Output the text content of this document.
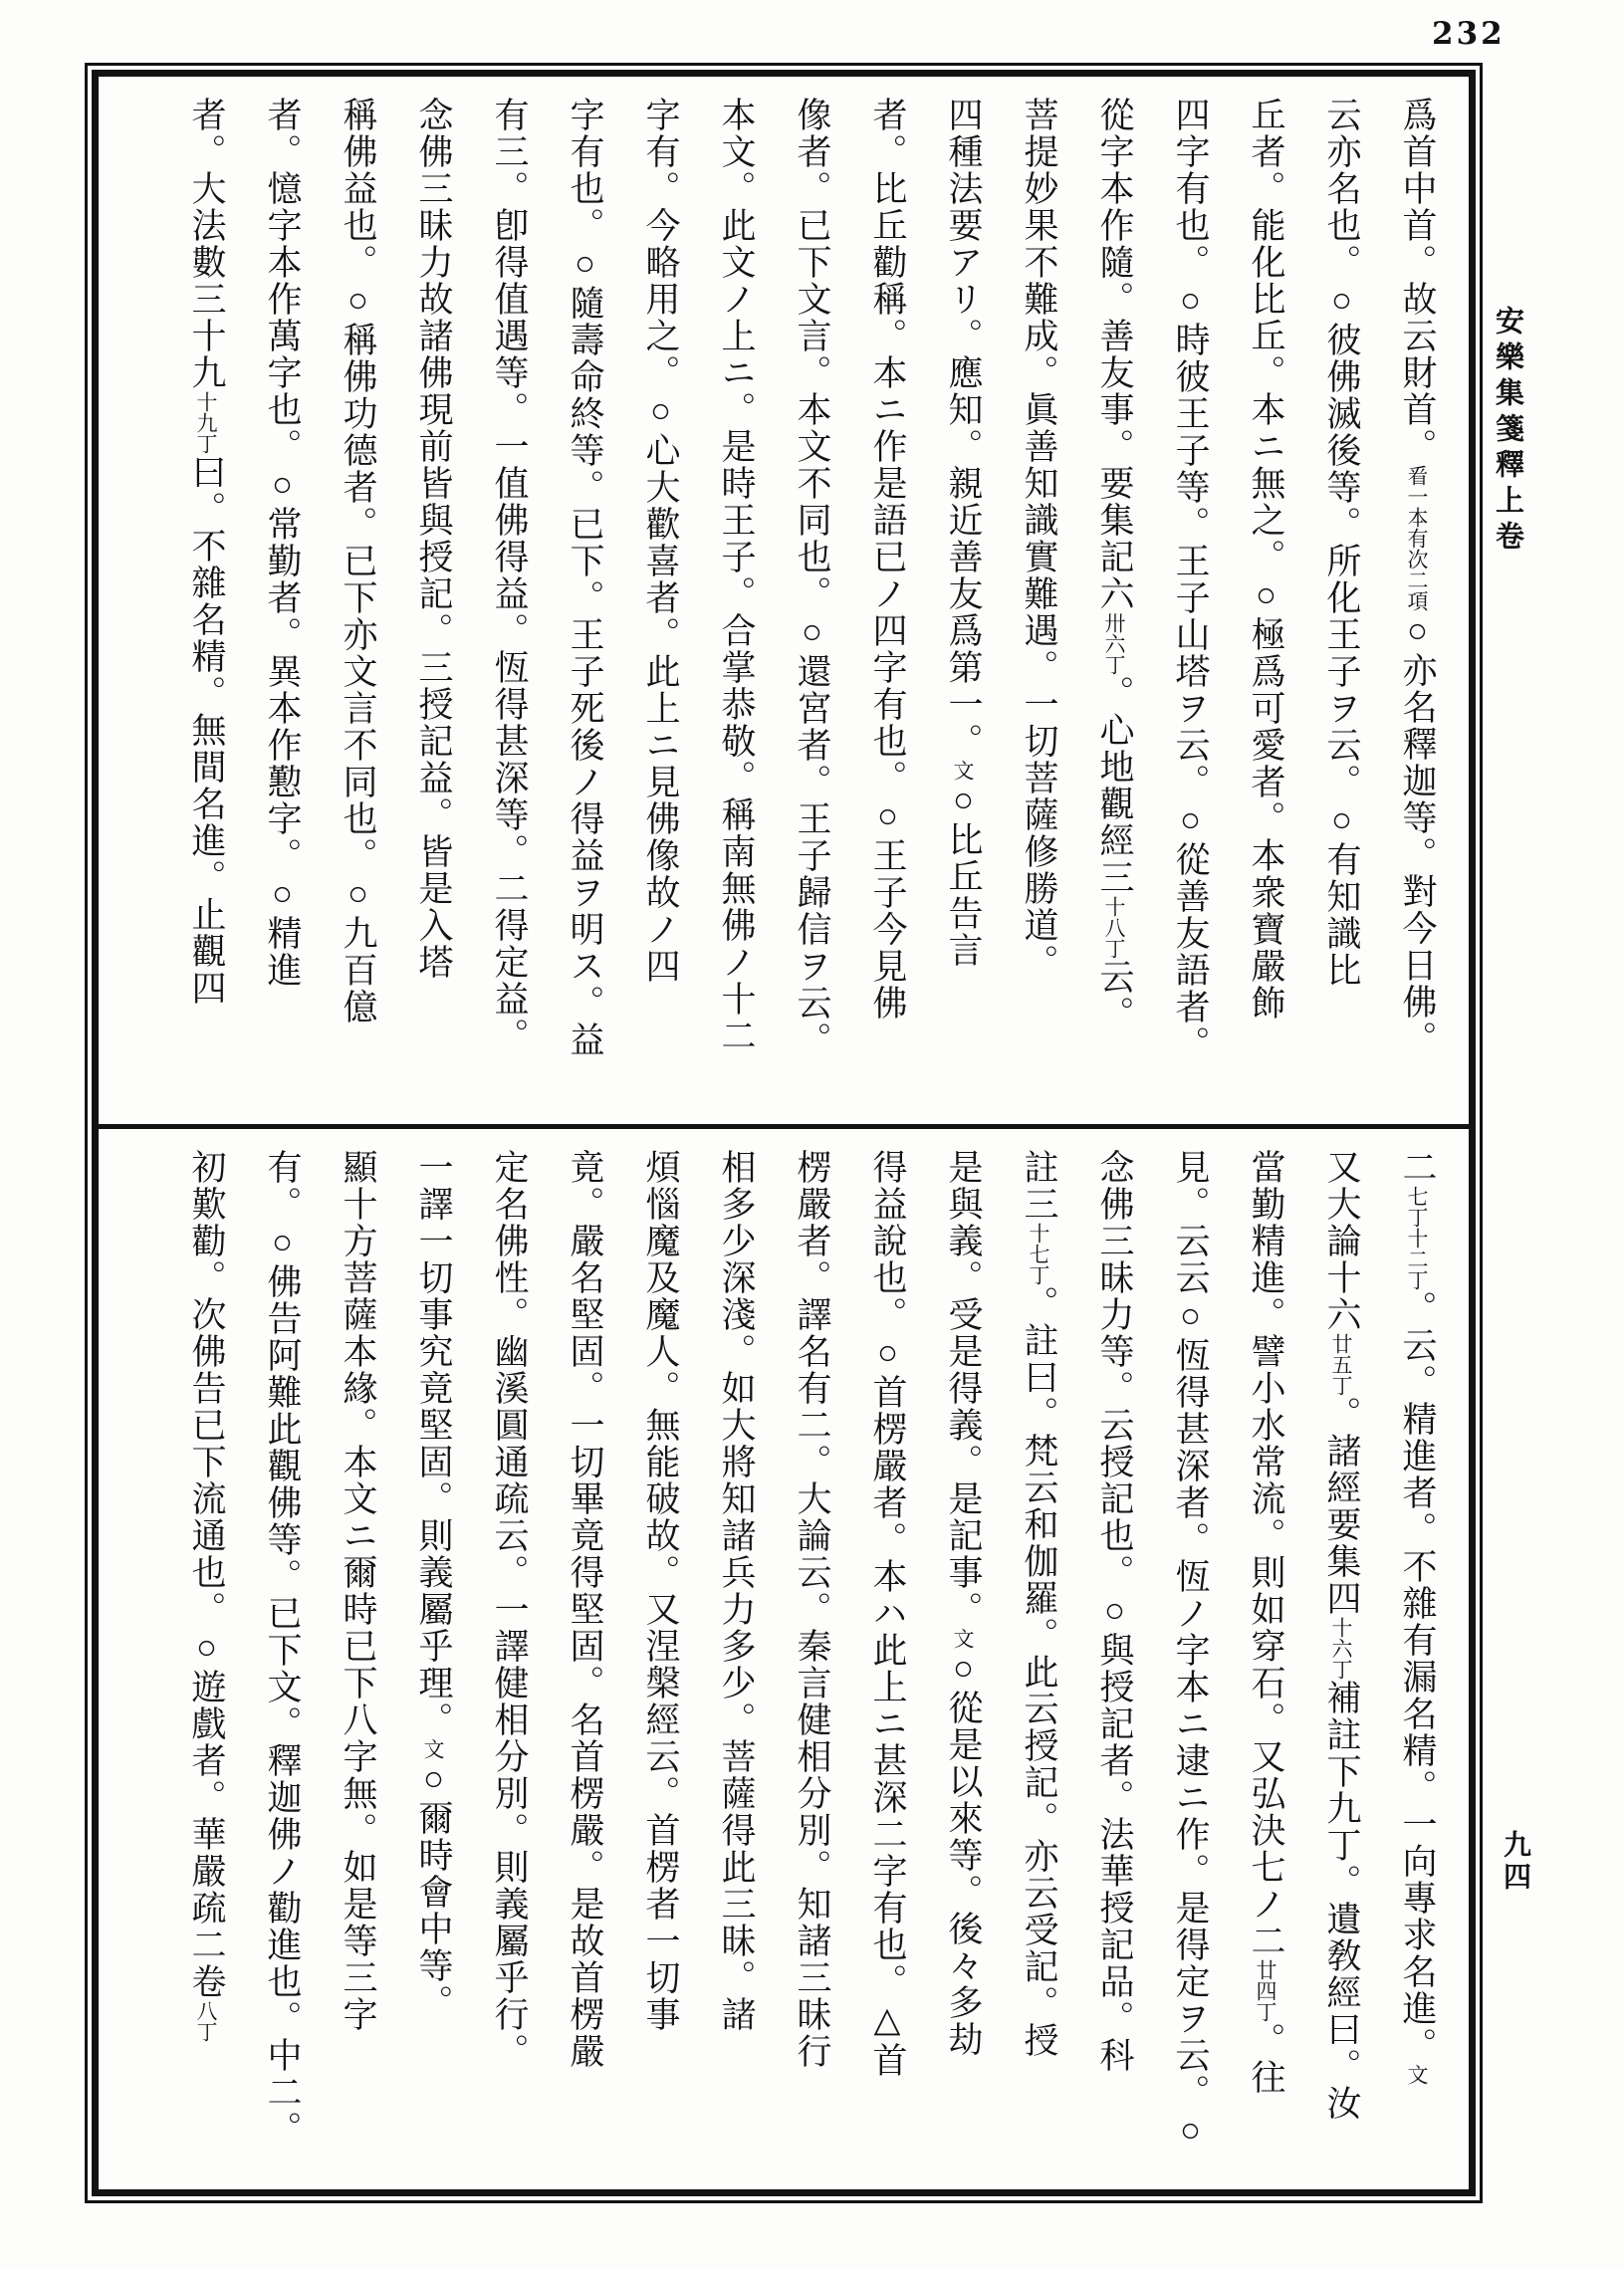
232
爲首中首。故云財首。㸔一本有次二項○亦名釋迦等。對今日佛。
云亦名也。○彼佛滅後等。所化王子ヲ云。○有知識比
丘者。能化比丘。本ニ無之。○極爲可愛者。本衆寶嚴飾
四字有也。○時彼王子等。王子山塔ヲ云。○從善友語者。
從字本作隨。善友事。要集記六卅六丁。心地觀經三十八丁云。
菩提妙果不難成。眞善知識實難遇。一切菩薩修勝道。
四種法要アリ。應知。親近善友爲第一。文○比丘告言
者。比丘勸稱。本ニ作是語已ノ四字有也。○王子今見佛
像者。已下文言。本文不同也。○還宮者。王子歸信ヲ云。
本文。此文ノ上ニ。是時王子。合掌恭敬。稱南無佛ノ十二
字有。今略用之。○心大歡喜者。此上ニ見佛像故ノ四
字有也。○隨壽命終等。已下。王子死後ノ得益ヲ明ス。益
有三。卽得值遇等。一值佛得益。恆得甚深等。二得定益。
念佛三昧力故諸佛現前皆與授記。三授記益。皆是入塔
稱佛益也。○稱佛功德者。已下亦文言不同也。○九百億
者。憶字本作萬字也。○常勤者。異本作懃字。○精進
者。大法數三十九十九丁曰。不雜名精。無間名進。止觀四
二七丁十二丁。云。精進者。不雜有漏名精。一向專求名進。文
又大論十六廿五丁。諸經要集四十六丁補註下九丁。遺敎經曰。汝
當勤精進。譬小水常流。則如穿石。又弘決七ノ二廿四丁。往
見。云云○恆得甚深者。恆ノ字本ニ逮ニ作。是得定ヲ云。○
念佛三昧力等。云授記也。○與授記者。法華授記品。科
註三十七丁。註曰。梵云和伽羅。此云授記。亦云受記。授
是與義。受是得義。是記事。文○從是以來等。後々多劫
得益說也。○首楞嚴者。本ハ此上ニ甚深二字有也。△首
楞嚴者。譯名有二。大論云。秦言健相分別。知諸三昧行
相多少深淺。如大將知諸兵力多少。菩薩得此三昧。諸
煩惱魔及魔人。無能破故。又涅槃經云。首楞者一切事
竟。嚴名堅固。一切畢竟得堅固。名首楞嚴。是故首楞嚴
定名佛性。幽溪圓通疏云。一譯健相分別。則義屬乎行。
一譯一切事究竟堅固。則義屬乎理。文○爾時會中等。
顯十方菩薩本緣。本文ニ爾時已下八字無。如是等三字
有。○佛告阿難此觀佛等。已下文。釋迦佛ノ勸進也。中二。
初歎勸。次佛告已下流通也。○遊戲者。華嚴疏二卷八丁
安樂集箋釋上卷
九四
